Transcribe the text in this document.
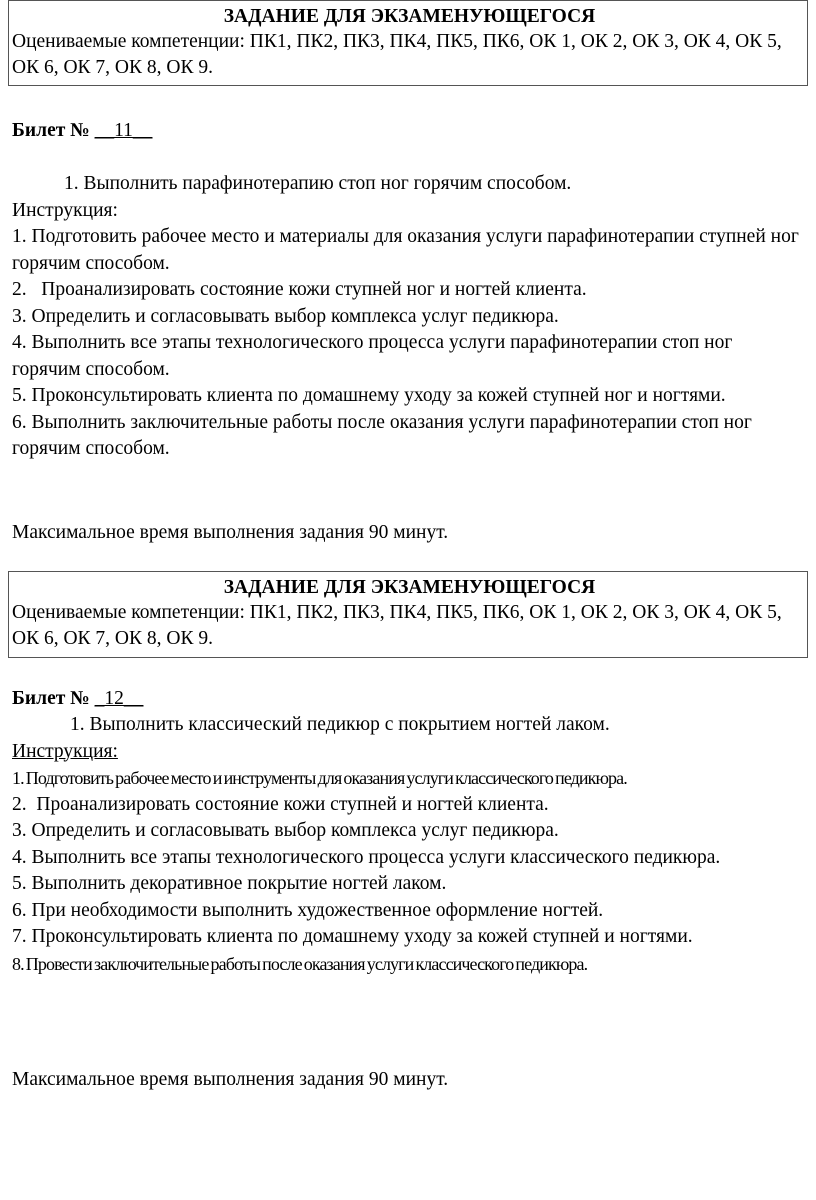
ЗАДАНИЕ ДЛЯ ЭКЗАМЕНУЮЩЕГОСЯ

Оцениваемые компетенции: ПК1, ПК2, ПК3, ПК4, ПК5, ПК6, ОК 1, ОК 2, ОК 3, ОК 4, ОК 5, ОК 6, ОК 7, ОК 8, ОК 9.

Билет № __11__

1. Выполнить парафинотерапию стоп ног горячим способом.

Инструкция:

1. Подготовить рабочее место и материалы для оказания услуги парафинотерапии ступней ног горячим способом.

2.   Проанализировать состояние кожи ступней ног и ногтей клиента.

3. Определить и согласовывать выбор комплекса услуг педикюра.

4. Выполнить все этапы технологического процесса услуги парафинотерапии стоп ног горячим способом.

5. Проконсультировать клиента по домашнему уходу за кожей ступней ног и ногтями.

6. Выполнить заключительные работы после оказания услуги парафинотерапии стоп ног горячим способом.

Максимальное время выполнения задания 90 минут.

ЗАДАНИЕ ДЛЯ ЭКЗАМЕНУЮЩЕГОСЯ

Оцениваемые компетенции: ПК1, ПК2, ПК3, ПК4, ПК5, ПК6, ОК 1, ОК 2, ОК 3, ОК 4, ОК 5, ОК 6, ОК 7, ОК 8, ОК 9.

Билет № _12__

1. Выполнить классический педикюр с покрытием ногтей лаком.

Инструкция:

1. Подготовить рабочее место и инструменты для оказания услуги классического педикюра.

2.  Проанализировать состояние кожи ступней и ногтей клиента.

3. Определить и согласовывать выбор комплекса услуг педикюра.

4. Выполнить все этапы технологического процесса услуги классического педикюра.

5. Выполнить декоративное покрытие ногтей лаком.

6. При необходимости выполнить художественное оформление ногтей.

7. Проконсультировать клиента по домашнему уходу за кожей ступней и ногтями.

8. Провести заключительные работы после оказания услуги классического педикюра.

Максимальное время выполнения задания 90 минут.
